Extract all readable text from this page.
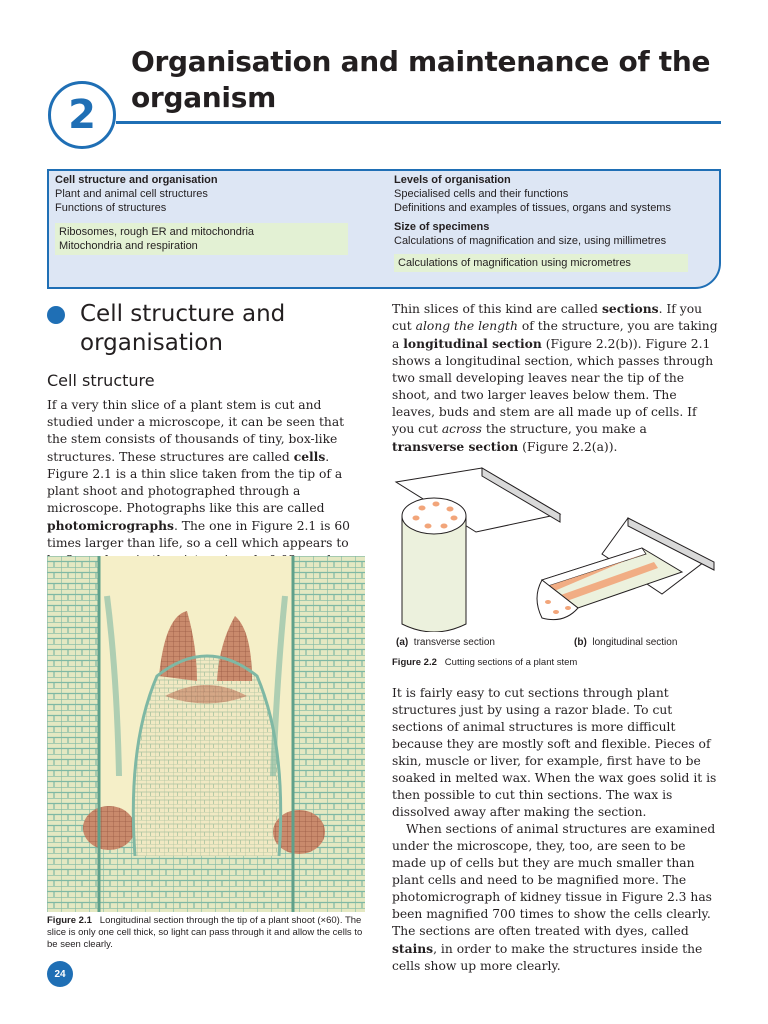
2
Organisation and maintenance of the organism
Cell structure and organisation
Plant and animal cell structures
Functions of structures
Ribosomes, rough ER and mitochondria
Mitochondria and respiration
Levels of organisation
Specialised cells and their functions
Definitions and examples of tissues, organs and systems
Size of specimens
Calculations of magnification and size, using millimetres
Calculations of magnification using micrometres
Cell structure and
organisation
Cell structure

If a very thin slice of a plant stem is cut and studied under a microscope, it can be seen that the stem consists of thousands of tiny, box-like structures. These structures are called cells. Figure 2.1 is a thin slice taken from the tip of a plant shoot and photographed through a microscope. Photographs like this are called photomicrographs. The one in Figure 2.1 is 60 times larger than life, so a cell which appears to

Figure 2.1 Longitudinal section through the tip of a plant shoot (×60). The slice is only one cell thick, so light can pass through it and allow the cells to be seen clearly.

Thin slices of this kind are called sections. If you cut along the length of the structure, you are taking a longitudinal section (Figure 2.2(b)). Figure 2.1 shows a longitudinal section, which passes through two small developing leaves near the tip of the shoot, and two larger leaves below them. The leaves, buds and stem are all made up of cells. If you cut across the structure, you make a transverse section (Figure 2.2(a)).

(a) transverse section	(b) longitudinal section
Figure 2.2 Cutting sections of a plant stem

It is fairly easy to cut sections through plant structures just by using a razor blade. To cut sections of animal structures is more difficult because they are mostly soft and flexible. Pieces of skin, muscle or liver, for example, first have to be soaked in melted wax. When the wax goes solid it is then possible to cut thin sections. The wax is dissolved away after making the section.

When sections of animal structures are examined under the microscope, they, too, are seen to be made up of cells but they are much smaller than plant cells and need to be magnified more. The photomicrograph of kidney tissue in Figure 2.3 has been magnified 700 times to show the cells clearly. The sections are often treated with dyes, called stains, in order to make the structures inside the cells show up more clearly.

24
